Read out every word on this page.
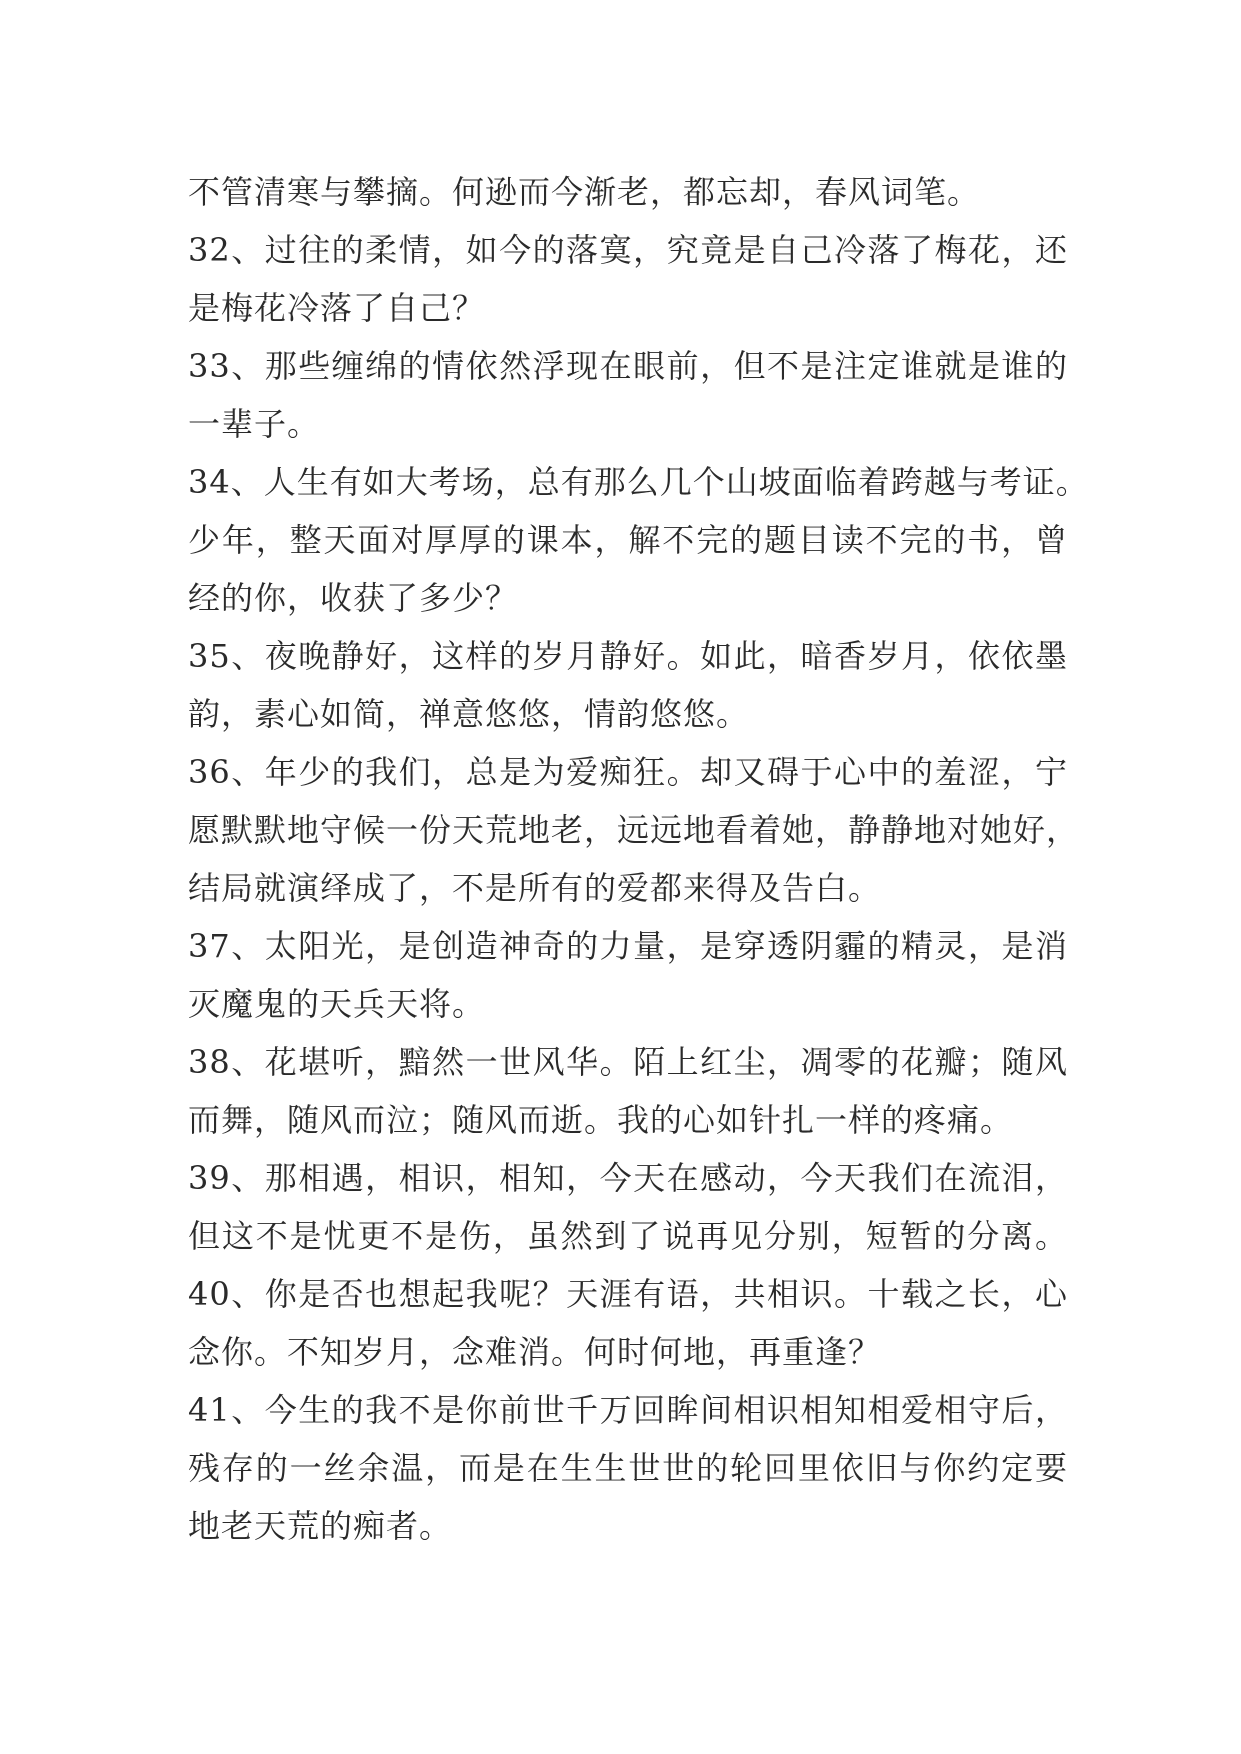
不管清寒与攀摘。何逊而今渐老，都忘却，春风词笔。
32、过往的柔情，如今的落寞，究竟是自己冷落了梅花，还
是梅花冷落了自己？
33、那些缠绵的情依然浮现在眼前，但不是注定谁就是谁的
一辈子。
34、人生有如大考场，总有那么几个山坡面临着跨越与考证。
少年，整天面对厚厚的课本，解不完的题目读不完的书，曾
经的你，收获了多少？
35、夜晚静好，这样的岁月静好。如此，暗香岁月，依依墨
韵，素心如简，禅意悠悠，情韵悠悠。
36、年少的我们，总是为爱痴狂。却又碍于心中的羞涩，宁
愿默默地守候一份天荒地老，远远地看着她，静静地对她好，
结局就演绎成了，不是所有的爱都来得及告白。
37、太阳光，是创造神奇的力量，是穿透阴霾的精灵，是消
灭魔鬼的天兵天将。
38、花堪听，黯然一世风华。陌上红尘，凋零的花瓣；随风
而舞，随风而泣；随风而逝。我的心如针扎一样的疼痛。
39、那相遇，相识，相知，今天在感动，今天我们在流泪，
但这不是忧更不是伤，虽然到了说再见分别，短暂的分离。
40、你是否也想起我呢？天涯有语，共相识。十载之长，心
念你。不知岁月，念难消。何时何地，再重逢？
41、今生的我不是你前世千万回眸间相识相知相爱相守后，
残存的一丝余温，而是在生生世世的轮回里依旧与你约定要
地老天荒的痴者。
